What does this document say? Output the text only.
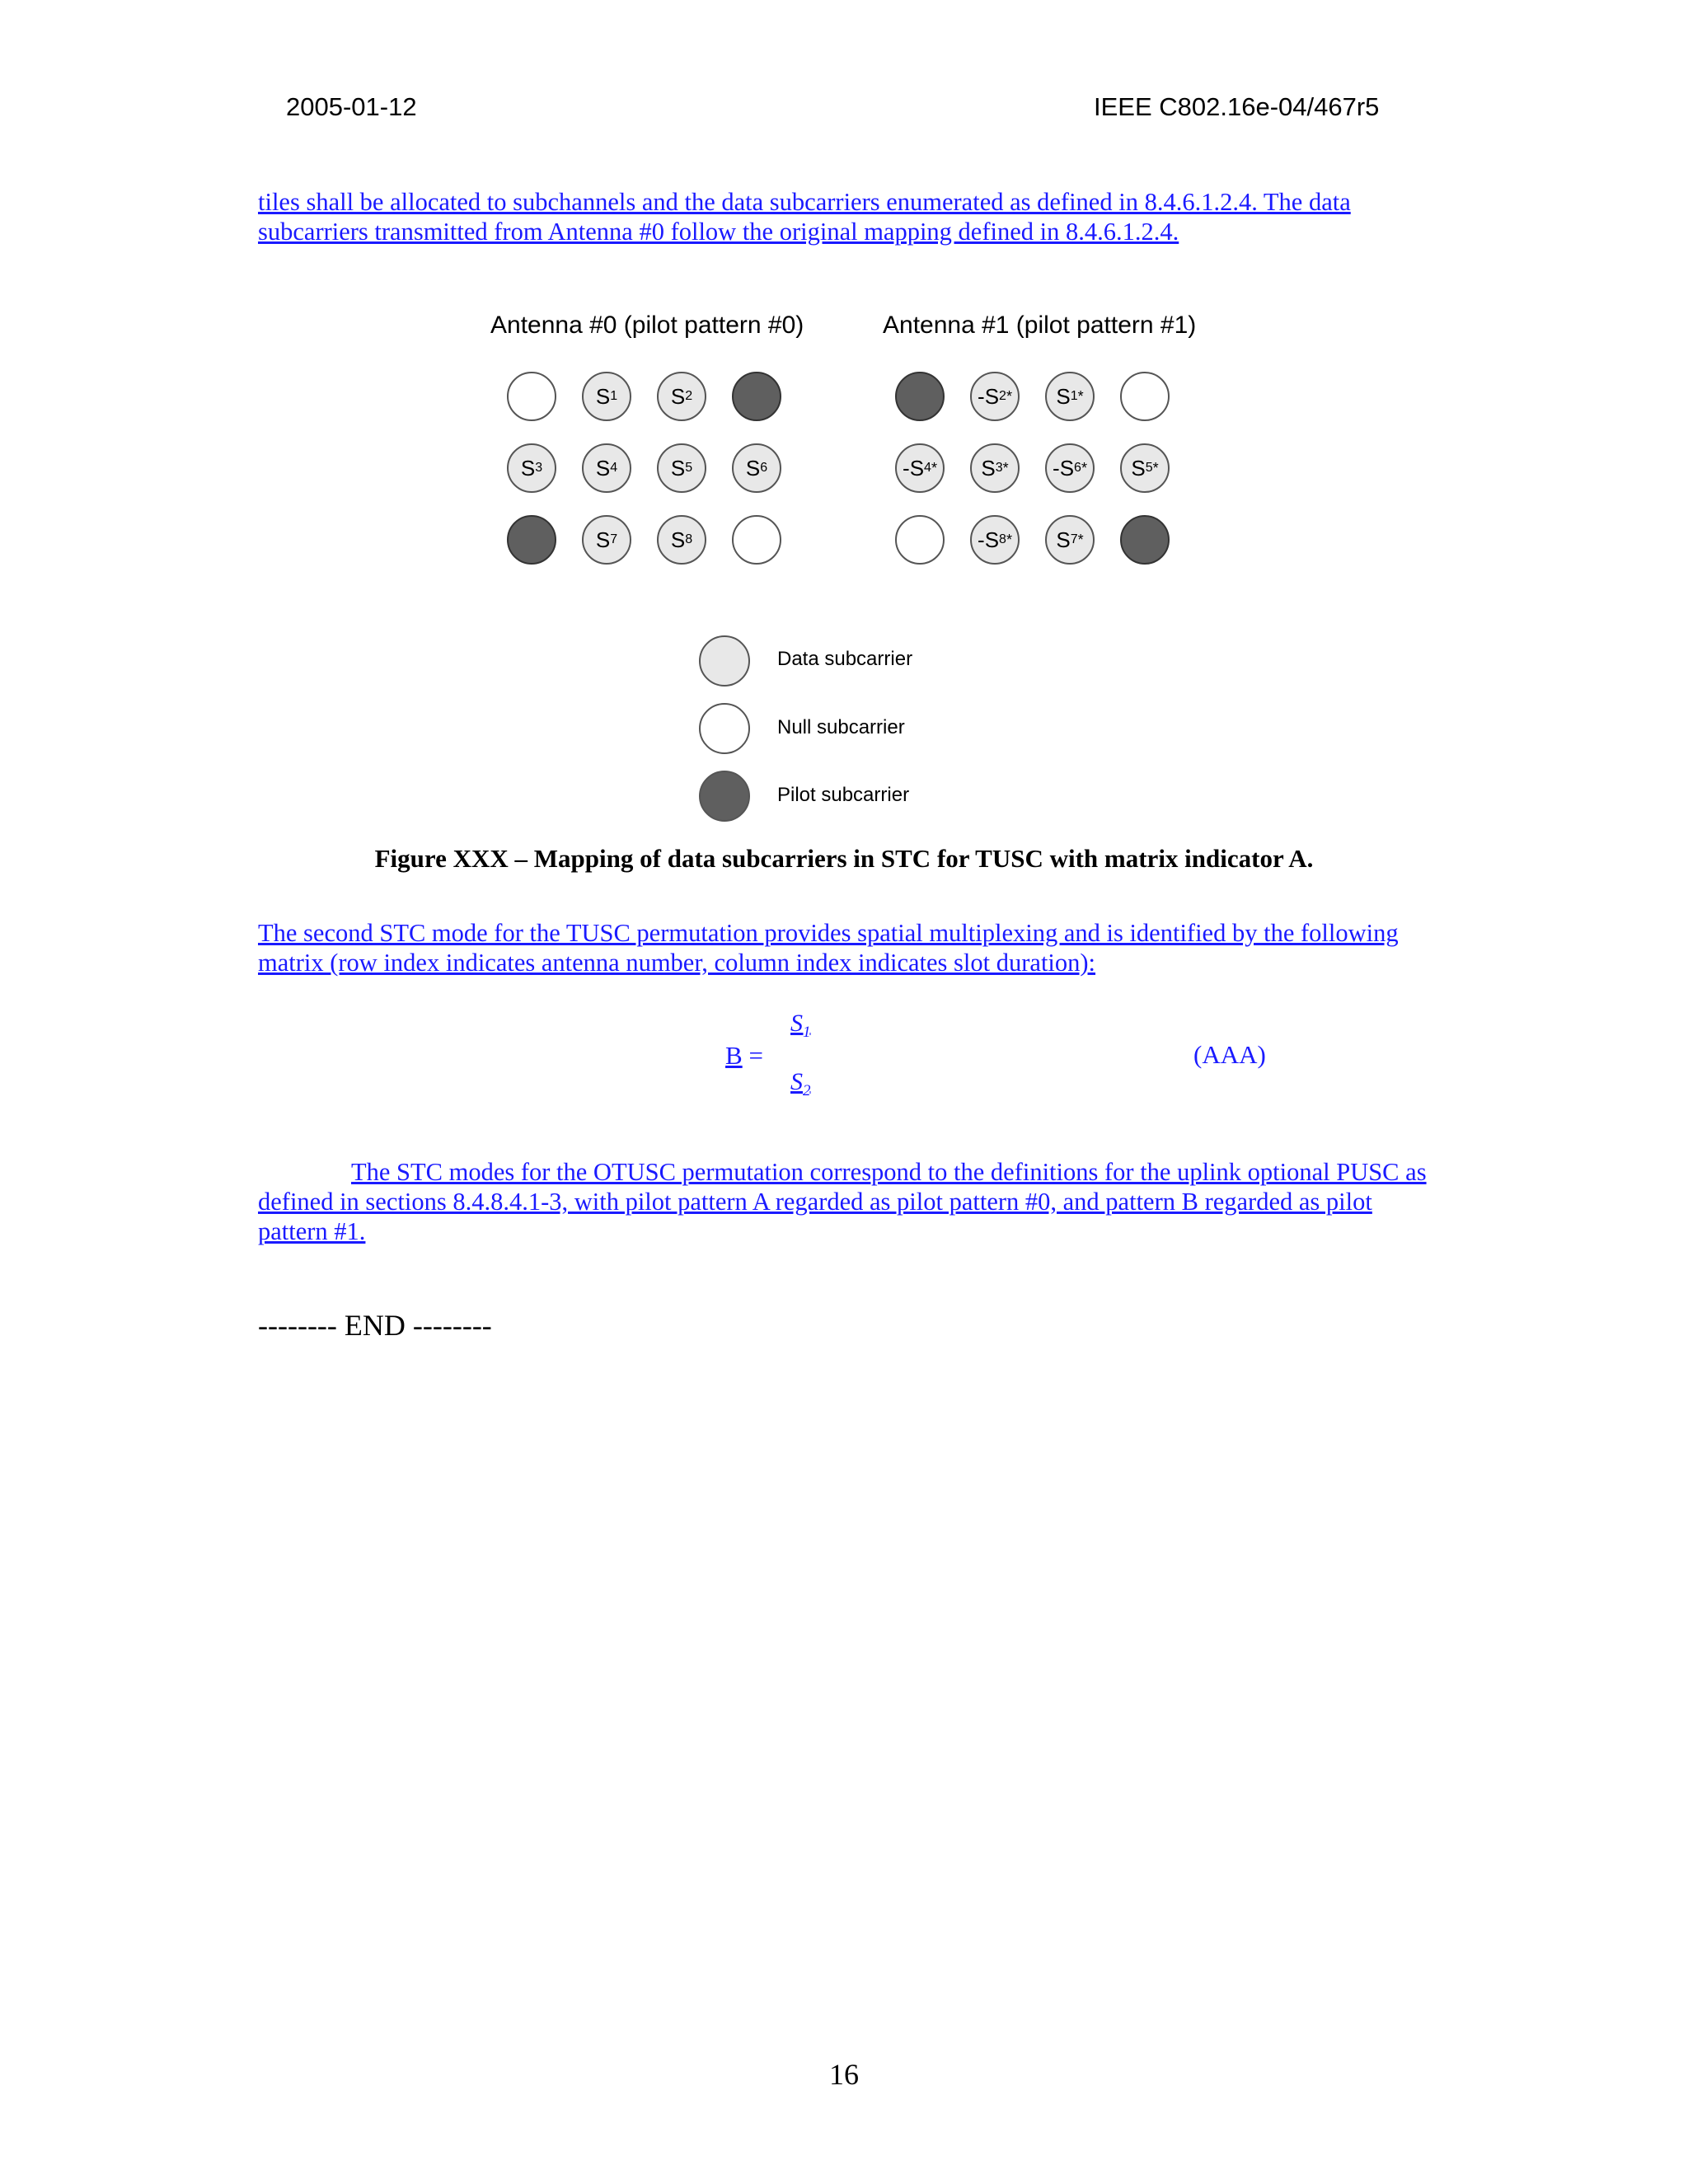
2005-01-12	IEEE C802.16e-04/467r5
tiles shall be allocated to subchannels and the data subcarriers enumerated as defined in 8.4.6.1.2.4. The data subcarriers transmitted from Antenna #0 follow the original mapping defined in 8.4.6.1.2.4.
Antenna #0 (pilot pattern #0)	Antenna #1 (pilot pattern #1)
S 1	S 2
S 3	S 4	S 5	S 6
S 7	S 8
-S 2 *	S 1 *
-S 4 *	S 3 *	-S 6 *	S 5 *
-S 8 *	S 7 *
Data subcarrier
Null subcarrier
Pilot subcarrier
Figure XXX – Mapping of data subcarriers in STC for TUSC with matrix indicator A.
The second STC mode for the TUSC permutation provides spatial multiplexing and is identified by the following matrix (row index indicates antenna number, column index indicates slot duration):
B =
$S_1$
$S_2$
(AAA)
The STC modes for the OTUSC permutation correspond to the definitions for the uplink optional PUSC as defined in sections 8.4.8.4.1-3, with pilot pattern A regarded as pilot pattern #0, and pattern B regarded as pilot pattern #1.
-------- END --------
16
